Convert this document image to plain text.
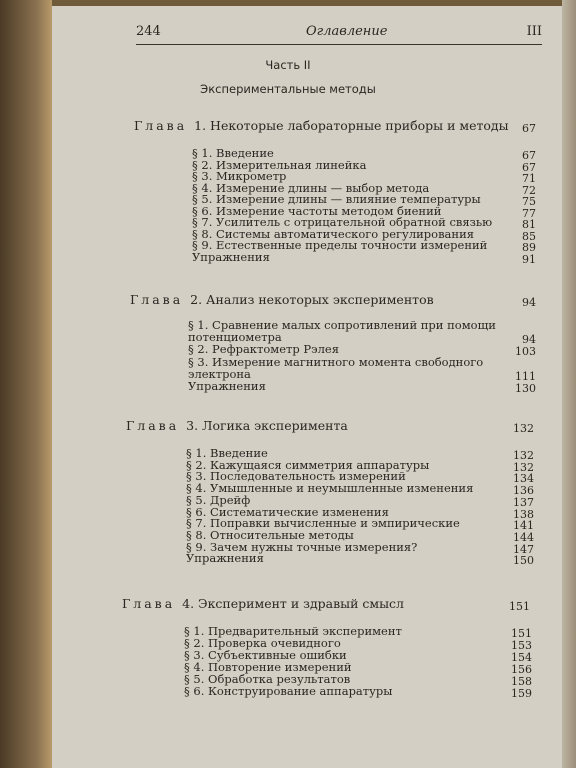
244	Оглавление	III
Часть II
Экспериментальные методы
Глава 1. Некоторые лабораторные приборы и методы	67
§ 1. Введение	67
§ 2. Измерительная линейка	67
§ 3. Микрометр	71
§ 4. Измерение длины — выбор метода	72
§ 5. Измерение длины — влияние температуры	75
§ 6. Измерение частоты методом биений	77
§ 7. Усилитель с отрицательной обратной связью	81
§ 8. Системы автоматического регулирования	85
§ 9. Естественные пределы точности измерений	89
Упражнения	91
Глава 2. Анализ некоторых экспериментов	94
§ 1. Сравнение малых сопротивлений при помощи
потенциометра	94
§ 2. Рефрактометр Рэлея	103
§ 3. Измерение магнитного момента свободного
электрона	111
Упражнения	130
Глава 3. Логика эксперимента	132
§ 1. Введение	132
§ 2. Кажущаяся симметрия аппаратуры	132
§ 3. Последовательность измерений	134
§ 4. Умышленные и неумышленные изменения	136
§ 5. Дрейф	137
§ 6. Систематические изменения	138
§ 7. Поправки вычисленные и эмпирические	141
§ 8. Относительные методы	144
§ 9. Зачем нужны точные измерения?	147
Упражнения	150
Глава 4. Эксперимент и здравый смысл	151
§ 1. Предварительный эксперимент	151
§ 2. Проверка очевидного	153
§ 3. Субъективные ошибки	154
§ 4. Повторение измерений	156
§ 5. Обработка результатов	158
§ 6. Конструирование аппаратуры	159
